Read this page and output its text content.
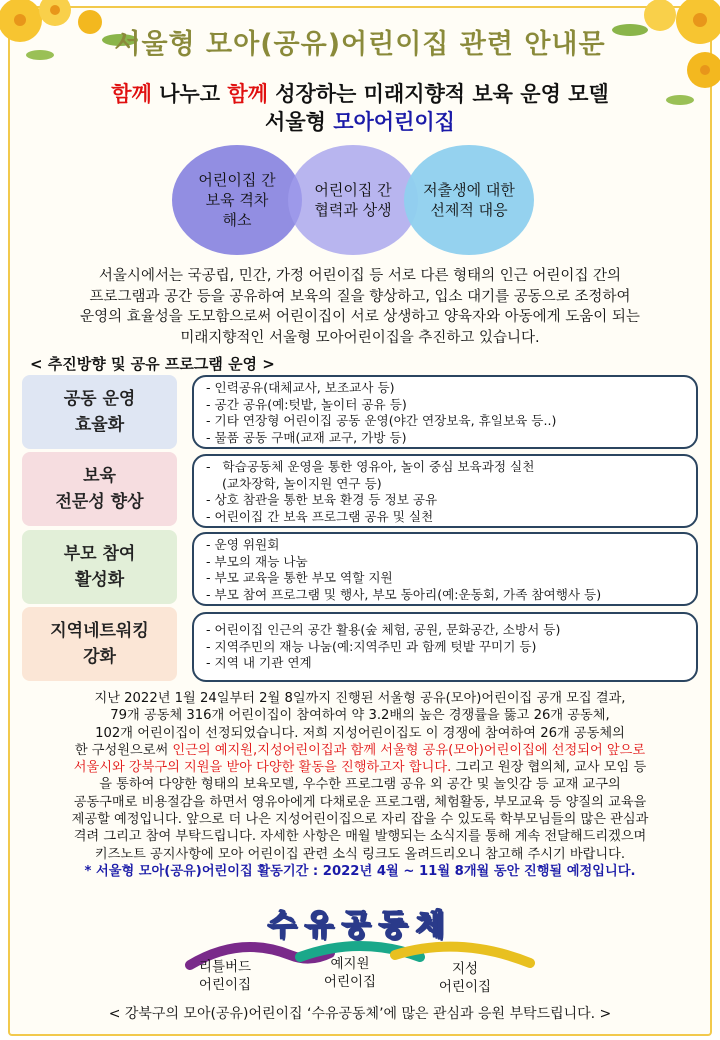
서울형 모아(공유)어린이집 관련 안내문
함께 나누고 함께 성장하는 미래지향적 보육 운영 모델
서울형 모아어린이집
어린이집 간
보육 격차
해소
어린이집 간
협력과 상생
저출생에 대한
선제적 대응
서울시에서는 국공립, 민간, 가정 어린이집 등 서로 다른 형태의 인근 어린이집 간의
프로그램과 공간 등을 공유하여 보육의 질을 향상하고, 입소 대기를 공동으로 조정하여
운영의 효율성을 도모함으로써 어린이집이 서로 상생하고 양육자와 아동에게 도움이 되는
미래지향적인 서울형 모아어린이집을 추진하고 있습니다.
< 추진방향 및 공유 프로그램 운영 >
공동 운영
효율화
- 인력공유(대체교사, 보조교사 등)
- 공간 공유(예:텃밭, 놀이터 공유 등)
- 기타 연장형 어린이집 공동 운영(야간 연장보육, 휴일보육 등..)
- 물품 공동 구매(교재 교구, 가방 등)
보육
전문성 향상
-   학습공동체 운영을 통한 영유아, 놀이 중심 보육과정 실천
(교차장학, 놀이지원 연구 등)
- 상호 참관을 통한 보육 환경 등 정보 공유
- 어린이집 간 보육 프로그램 공유 및 실천
부모 참여
활성화
- 운영 위원회
- 부모의 재능 나눔
- 부모 교육을 통한 부모 역할 지원
- 부모 참여 프로그램 및 행사, 부모 동아리(예:운동회, 가족 참여행사 등)
지역네트워킹
강화
- 어린이집 인근의 공간 활용(숲 체험, 공원, 문화공간, 소방서 등)
- 지역주민의 재능 나눔(예:지역주민 과 함께 텃밭 꾸미기 등)
- 지역 내 기관 연계
지난 2022년 1월 24일부터 2월 8일까지 진행된 서울형 공유(모아)어린이집 공개 모집 결과,
79개 공동체 316개 어린이집이 참여하여 약 3.2배의 높은 경쟁률을 뚫고 26개 공동체,
102개 어린이집이 선정되었습니다. 저희 지성어린이집도 이 경쟁에 참여하여 26개 공동체의
한 구성원으로써 인근의 예지원,지성어린이집과 함께 서울형 공유(모아)어린이집에 선정되어 앞으로
서울시와 강북구의 지원을 받아 다양한 활동을 진행하고자 합니다. 그리고 원장 협의체, 교사 모임 등
을 통하여 다양한 형태의 보육모델, 우수한 프로그램 공유 외 공간 및 놀잇감 등 교재 교구의
공동구매로 비용절감을 하면서 영유아에게 다채로운 프로그램, 체험활동, 부모교육 등 양질의 교육을
제공할 예정입니다. 앞으로 더 나은 지성어린이집으로 자리 잡을 수 있도록 학부모님들의 많은 관심과
격려 그리고 참여 부탁드립니다. 자세한 사항은 매월 발행되는 소식지를 통해 계속 전달해드리겠으며
키즈노트 공지사항에 모아 어린이집 관련 소식 링크도 올려드리오니 참고해 주시기 바랍니다.
* 서울형 모아(공유)어린이집 활동기간 : 2022년 4월 ~ 11월 8개월 동안 진행될 예정입니다.
수유공동체
리틀버드
어린이집
예지원
어린이집
지성
어린이집
< 강북구의 모아(공유)어린이집 ‘수유공동체’에 많은 관심과 응원 부탁드립니다. >
